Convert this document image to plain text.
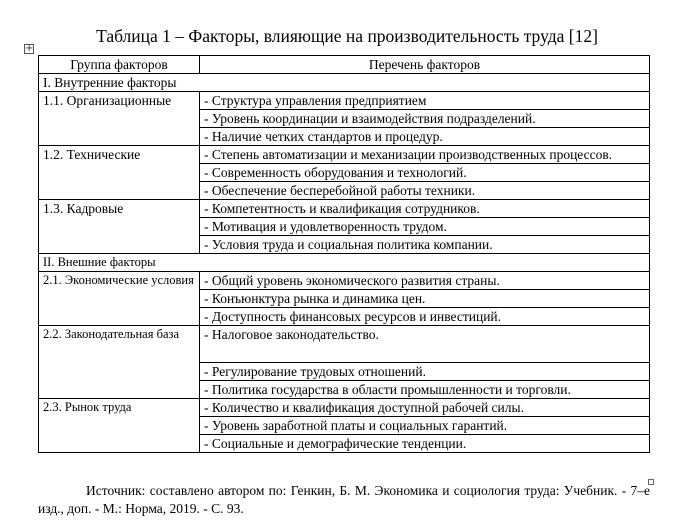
Таблица 1 – Факторы, влияющие на производительность труда [12]
+
Группа факторов	Перечень факторов
I. Внутренние факторы	
1.1. Организационные	- Структура управления предприятием
	- Уровень координации и взаимодействия подразделений.
	- Наличие четких стандартов и процедур.
1.2. Технические	- Степень автоматизации и механизации производственных процессов.
	- Современность оборудования и технологий.
	- Обеспечение бесперебойной работы техники.
1.3. Кадровые	- Компетентность и квалификация сотрудников.
	- Мотивация и удовлетворенность трудом.
	- Условия труда и социальная политика компании.
II. Внешние факторы	
2.1. Экономические условия	- Общий уровень экономического развития страны.
	- Конъюнктура рынка и динамика цен.
	- Доступность финансовых ресурсов и инвестиций.
2.2. Законодательная база	- Налоговое законодательство.
	- Регулирование трудовых отношений.
	- Политика государства в области промышленности и торговли.
2.3. Рынок труда	- Количество и квалификация доступной рабочей силы.
	- Уровень заработной платы и социальных гарантий.
	- Социальные и демографические тенденции.
Источник: составлено автором по: Генкин, Б. М. Экономика и социология труда: Учебник. - 7–е изд., доп. - М.: Норма, 2019. - С. 93.
